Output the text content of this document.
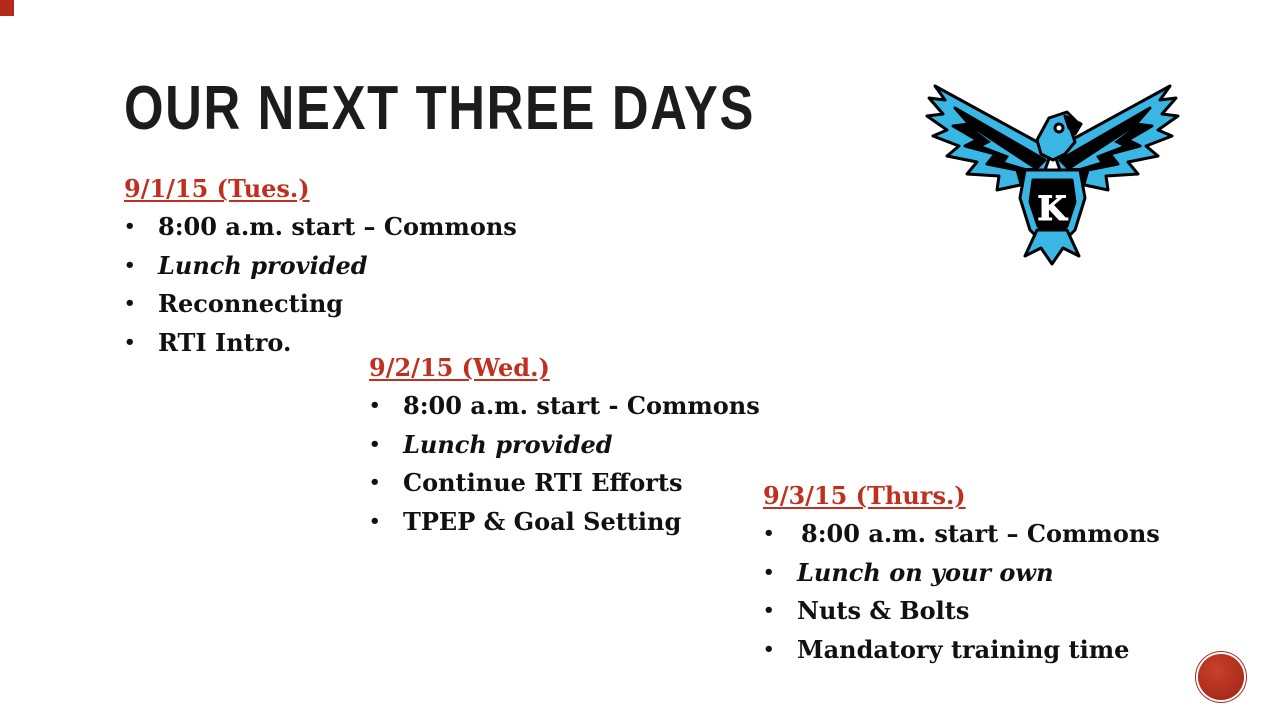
OUR NEXT THREE DAYS
9/1/15 (Tues.)
• 8:00 a.m. start – Commons
• Lunch provided
• Reconnecting
• RTI Intro.
9/2/15 (Wed.)
• 8:00 a.m. start - Commons
• Lunch provided
• Continue RTI Efforts
• TPEP & Goal Setting
9/3/15 (Thurs.)
• 8:00 a.m. start – Commons
• Lunch on your own
• Nuts & Bolts
• Mandatory training time
K
